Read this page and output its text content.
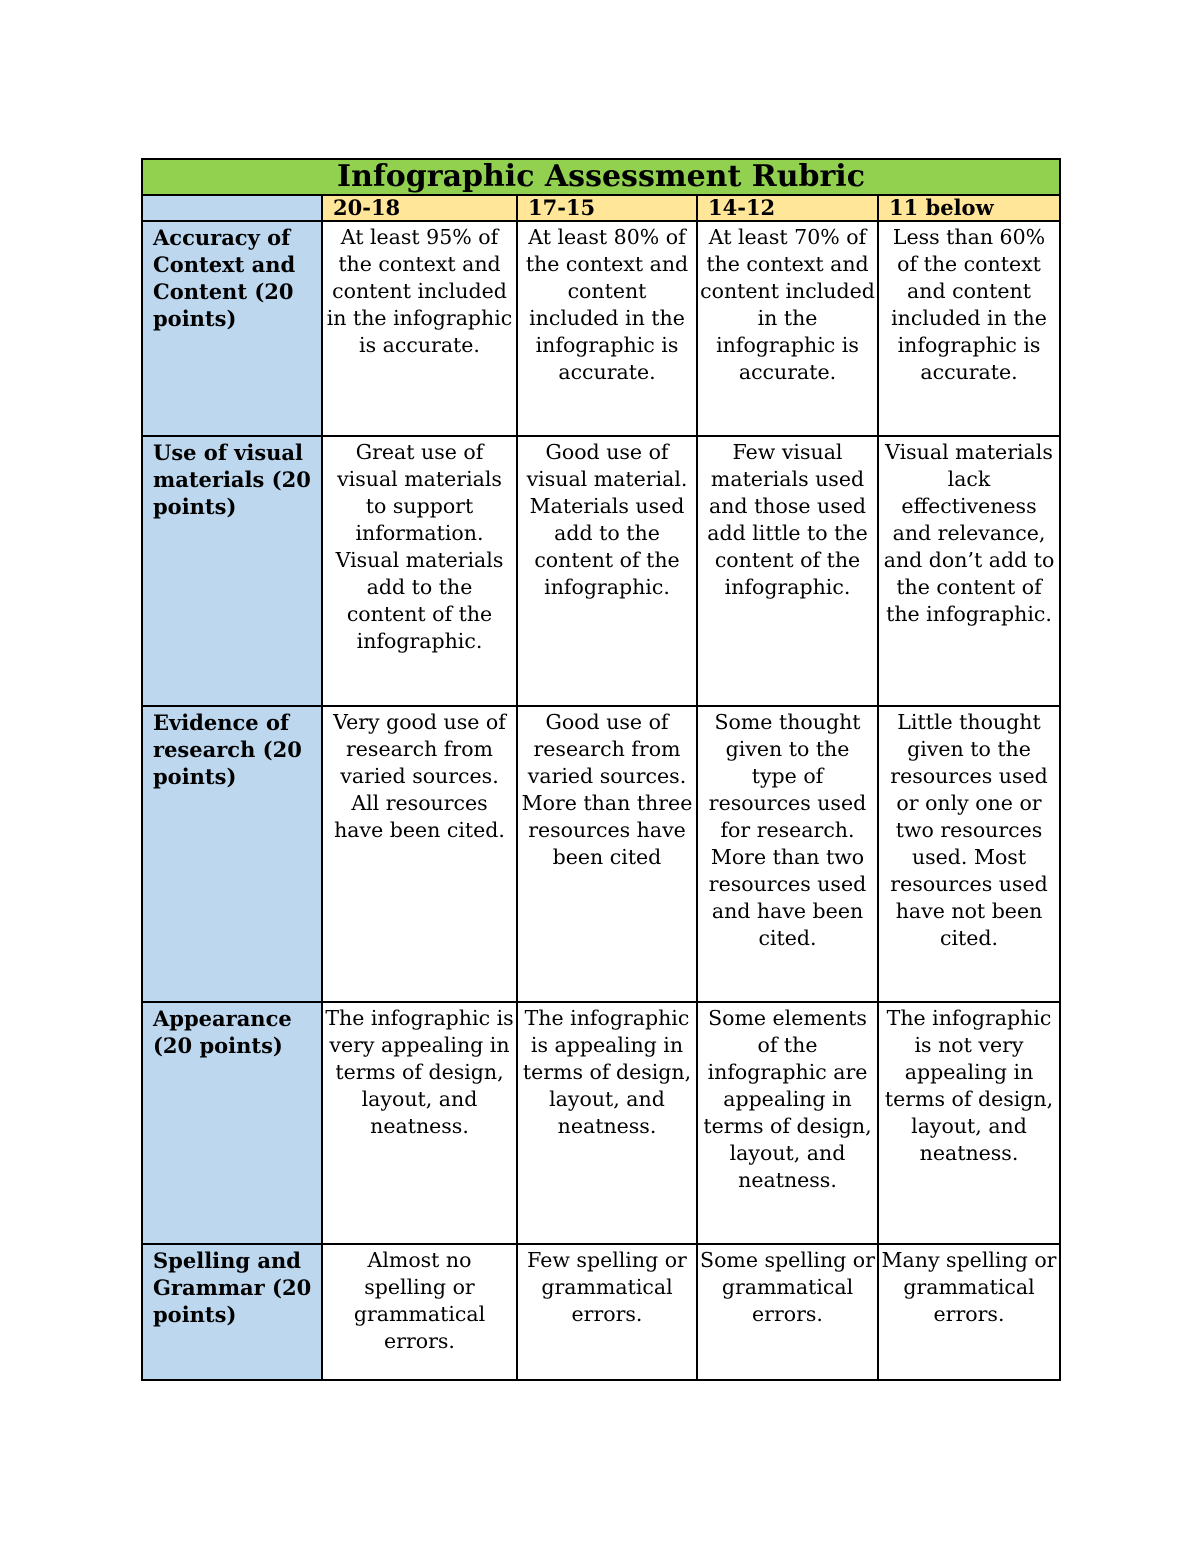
Infographic Assessment Rubric				
	20-18	17-15	14-12	11 below
Accuracy of Context and Content (20 points)	At least 95% of the context and content included in the infographic is accurate.	At least 80% of the context and content included in the infographic is accurate.	At least 70% of the context and content included in the infographic is accurate.	Less than 60% of the context and content included in the infographic is accurate.
Use of visual materials (20 points)	Great use of visual materials to support information. Visual materials add to the content of the infographic.	Good use of visual material. Materials used add to the content of the infographic.	Few visual materials used and those used add little to the content of the infographic.	Visual materials lack effectiveness and relevance, and don’t add to the content of the infographic.
Evidence of research (20 points)	Very good use of research from varied sources. All resources have been cited.	Good use of research from varied sources. More than three resources have been cited	Some thought given to the type of resources used for research. More than two resources used and have been cited.	Little thought given to the resources used or only one or two resources used. Most resources used have not been cited.
Appearance (20 points)	The infographic is very appealing in terms of design, layout, and neatness.	The infographic is appealing in terms of design, layout, and neatness.	Some elements of the infographic are appealing in terms of design, layout, and neatness.	The infographic is not very appealing in terms of design, layout, and neatness.
Spelling and Grammar (20 points)	Almost no spelling or grammatical errors.	Few spelling or grammatical errors.	Some spelling or grammatical errors.	Many spelling or grammatical errors.
